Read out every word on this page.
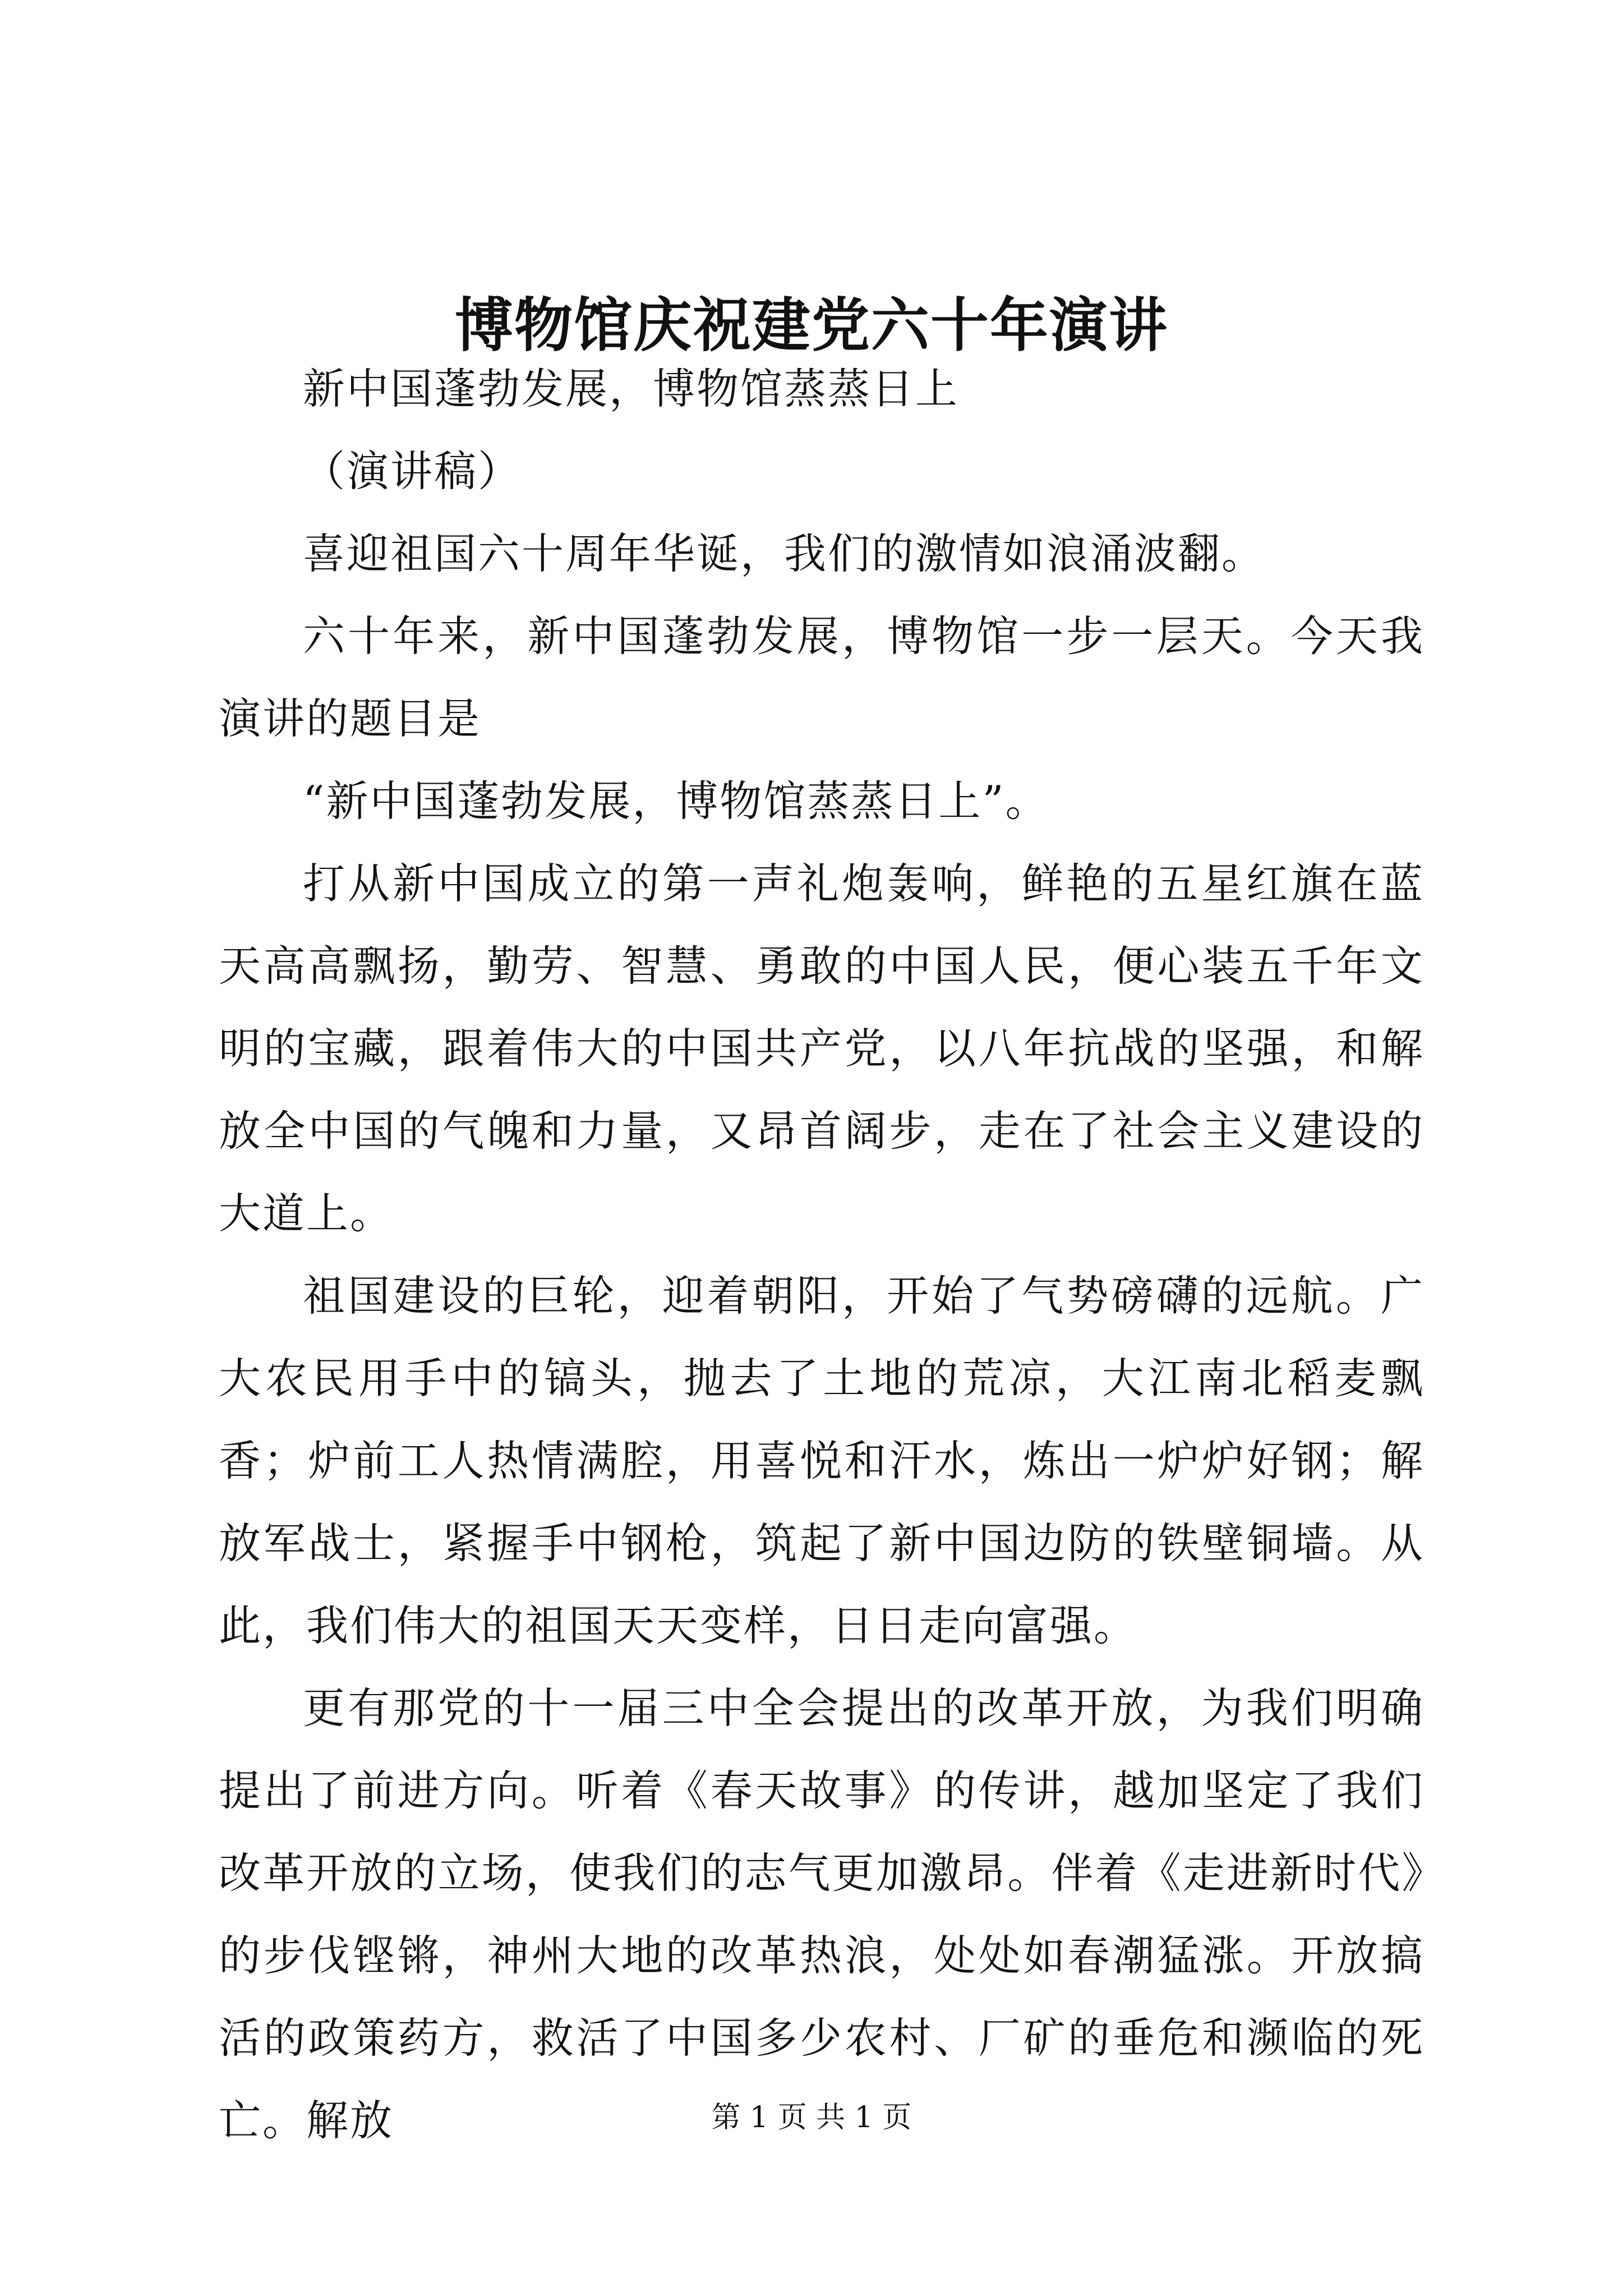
博物馆庆祝建党六十年演讲

新中国蓬勃发展，博物馆蒸蒸日上

（演讲稿）

喜迎祖国六十周年华诞，我们的激情如浪涌波翻。

六十年来，新中国蓬勃发展，博物馆一步一层天。今天我演讲的题目是

“新中国蓬勃发展，博物馆蒸蒸日上”。

打从新中国成立的第一声礼炮轰响，鲜艳的五星红旗在蓝天高高飘扬，勤劳、智慧、勇敢的中国人民，便心装五千年文明的宝藏，跟着伟大的中国共产党，以八年抗战的坚强，和解放全中国的气魄和力量，又昂首阔步，走在了社会主义建设的大道上。

祖国建设的巨轮，迎着朝阳，开始了气势磅礴的远航。广大农民用手中的镐头，抛去了土地的荒凉，大江南北稻麦飘香；炉前工人热情满腔，用喜悦和汗水，炼出一炉炉好钢；解放军战士，紧握手中钢枪，筑起了新中国边防的铁壁铜墙。从此，我们伟大的祖国天天变样，日日走向富强。

更有那党的十一届三中全会提出的改革开放，为我们明确提出了前进方向。听着《春天故事》的传讲，越加坚定了我们改革开放的立场，使我们的志气更加激昂。伴着《走进新时代》的步伐铿锵，神州大地的改革热浪，处处如春潮猛涨。开放搞活的政策药方，救活了中国多少农村、厂矿的垂危和濒临的死亡。解放	第 1 页 共 1 页
